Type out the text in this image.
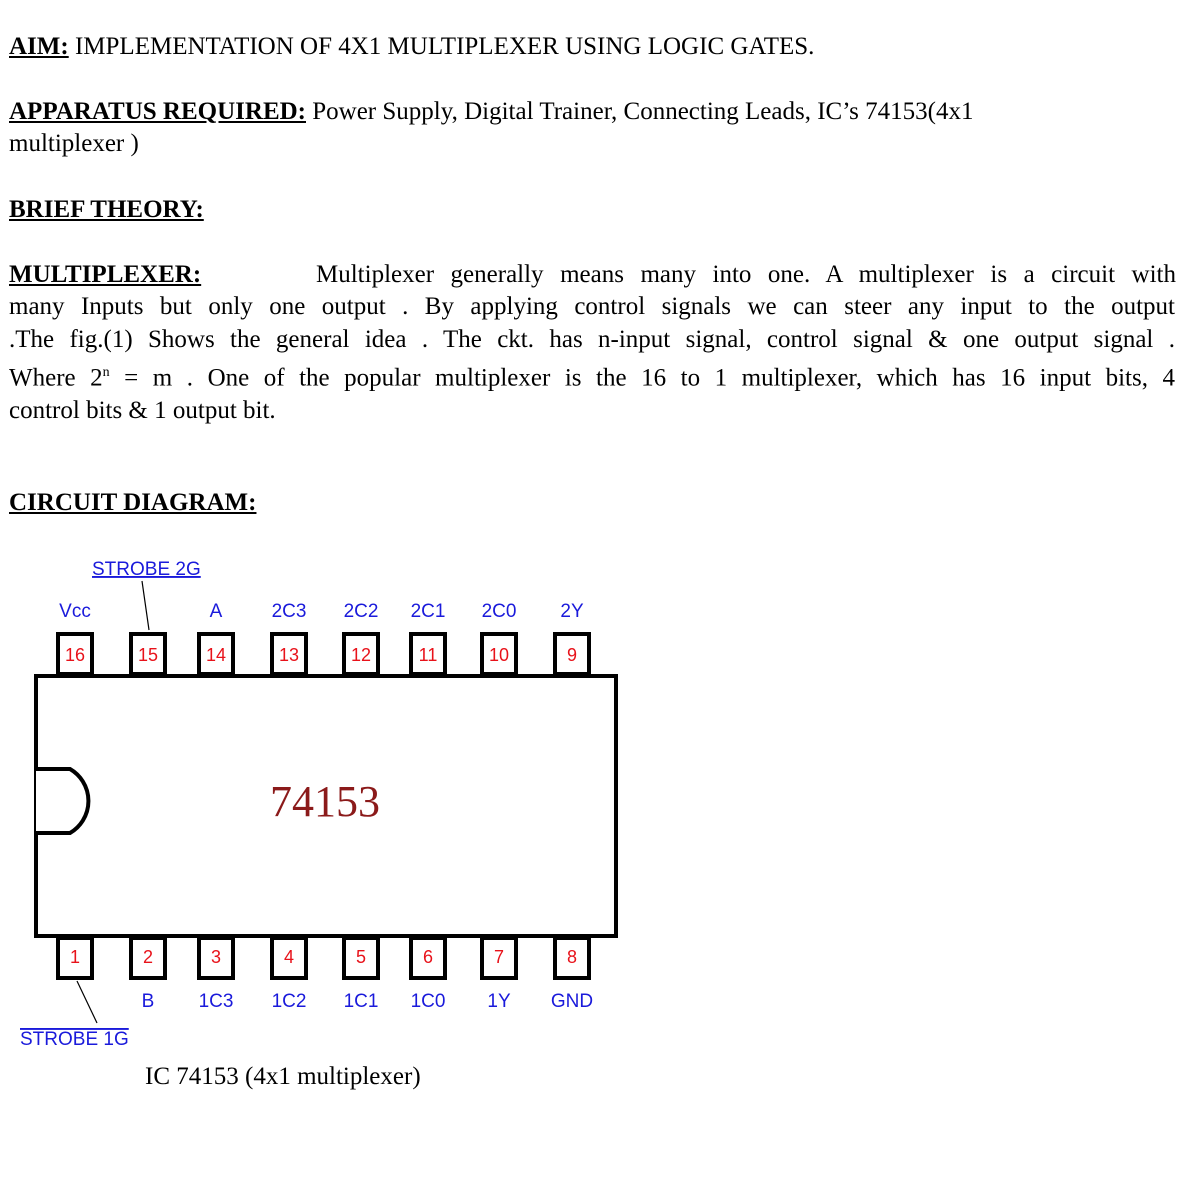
AIM: IMPLEMENTATION OF 4X1 MULTIPLEXER USING LOGIC GATES.
APPARATUS REQUIRED: Power Supply, Digital Trainer, Connecting Leads, IC’s 74153(4x1
multiplexer )
BRIEF THEORY:
MULTIPLEXER:	Multiplexer generally means many into one. A multiplexer is a circuit with
many Inputs but only one output . By applying control signals we can steer any input to the output
.The fig.(1) Shows the general idea . The ckt. has n-input signal, control signal & one output signal .
Where $2^n = m$ . One of the popular multiplexer is the 16 to 1 multiplexer, which has 16 input bits, 4
control bits & 1 output bit.
CIRCUIT DIAGRAM:
74153
STROBE 2G
STROBE 1G
16
Vcc
15	14
A
13
2C3
12
2C2
11
2C1
10
2C0
9
2Y
1	2
B
3
1C3
4
1C2
5
1C1
6
1C0
7
1Y
8
GND
IC 74153 (4x1 multiplexer)
